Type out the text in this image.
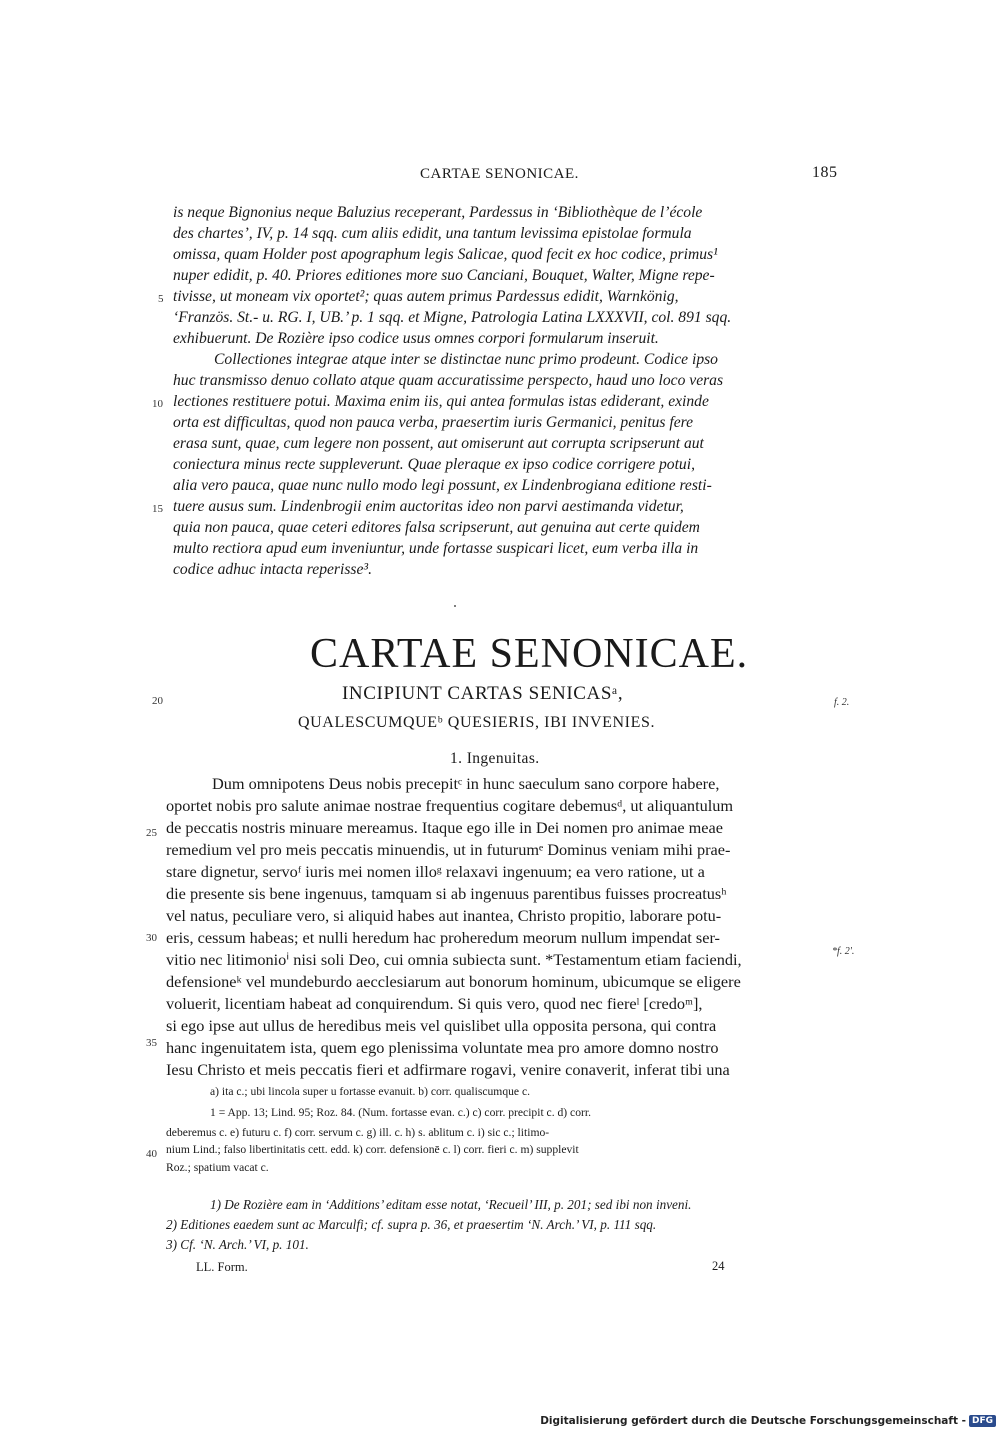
CARTAE SENONICAE.	185
is neque Bignonius neque Baluzius receperant, Pardessus in ‘Bibliothèque de l’école
des chartes’, IV, p. 14 sqq. cum aliis edidit, una tantum levissima epistolae formula
omissa, quam Holder post apographum legis Salicae, quod fecit ex hoc codice, primus¹
nuper edidit, p. 40. Priores editiones more suo Canciani, Bouquet, Walter, Migne repe-
tivisse, ut moneam vix oportet²; quas autem primus Pardessus edidit, Warnkönig,
‘Französ. St.- u. RG. I, UB.’ p. 1 sqq. et Migne, Patrologia Latina LXXXVII, col. 891 sqq.
exhibuerunt. De Rozière ipso codice usus omnes corpori formularum inseruit.
Collectiones integrae atque inter se distinctae nunc primo prodeunt. Codice ipso
huc transmisso denuo collato atque quam accuratissime perspecto, haud uno loco veras
lectiones restituere potui. Maxima enim iis, qui antea formulas istas ediderant, exinde
orta est difficultas, quod non pauca verba, praesertim iuris Germanici, penitus fere
erasa sunt, quae, cum legere non possent, aut omiserunt aut corrupta scripserunt aut
coniectura minus recte suppleverunt. Quae pleraque ex ipso codice corrigere potui,
alia vero pauca, quae nunc nullo modo legi possunt, ex Lindenbrogiana editione resti-
tuere ausus sum. Lindenbrogii enim auctoritas ideo non parvi aestimanda videtur,
quia non pauca, quae ceteri editores falsa scripserunt, aut genuina aut certe quidem
multo rectiora apud eum inveniuntur, unde fortasse suspicari licet, eum verba illa in
codice adhuc intacta reperisse³.
5
10
15
20
25
30
35
40
CARTAE SENONICAE.
INCIPIUNT CARTAS SENICASᵃ,
QUALESCUMQUEᵇ QUESIERIS, IBI INVENIES.
f. 2.
*f. 2'.
1. Ingenuitas.
Dum omnipotens Deus nobis precepitᶜ in hunc saeculum sano corpore habere,
oportet nobis pro salute animae nostrae frequentius cogitare debemusᵈ, ut aliquantulum
de peccatis nostris minuare mereamus. Itaque ego ille in Dei nomen pro animae meae
remedium vel pro meis peccatis minuendis, ut in futurumᵉ Dominus veniam mihi prae-
stare dignetur, servoᶠ iuris mei nomen illoᵍ relaxavi ingenuum; ea vero ratione, ut a
die presente sis bene ingenuus, tamquam si ab ingenuus parentibus fuisses procreatusʰ
vel natus, peculiare vero, si aliquid habes aut inantea, Christo propitio, laborare potu-
eris, cessum habeas; et nulli heredum hac proheredum meorum nullum impendat ser-
vitio nec litimonioⁱ nisi soli Deo, cui omnia subiecta sunt. *Testamentum etiam faciendi,
defensioneᵏ vel mundeburdo aecclesiarum aut bonorum hominum, ubicumque se eligere
voluerit, licentiam habeat ad conquirendum. Si quis vero, quod nec fiereˡ [credoᵐ],
si ego ipse aut ullus de heredibus meis vel quislibet ulla opposita persona, qui contra
hanc ingenuitatem ista, quem ego plenissima voluntate mea pro amore domno nostro
Iesu Christo et meis peccatis fieri et adfirmare rogavi, venire conaverit, inferat tibi una
a) ita c.; ubi lincola super u fortasse evanuit. b) corr. qualiscumque c.
1 = App. 13; Lind. 95; Roz. 84. (Num. fortasse evan. c.) c) corr. precipit c. d) corr.
deberemus c. e) futuru c. f) corr. servum c. g) ill. c. h) s. ablitum c. i) sic c.; litimo-
nium Lind.; falso libertinitatis cett. edd. k) corr. defensionē c. l) corr. fieri c. m) supplevit
Roz.; spatium vacat c.
1) De Rozière eam in ‘Additions’ editam esse notat, ‘Recueil’ III, p. 201; sed ibi non inveni.
2) Editiones eaedem sunt ac Marculfi; cf. supra p. 36, et praesertim ‘N. Arch.’ VI, p. 111 sqq.
3) Cf. ‘N. Arch.’ VI, p. 101.
LL. Form.	24
Digitalisierung gefördert durch die Deutsche Forschungsgemeinschaft - DFG
